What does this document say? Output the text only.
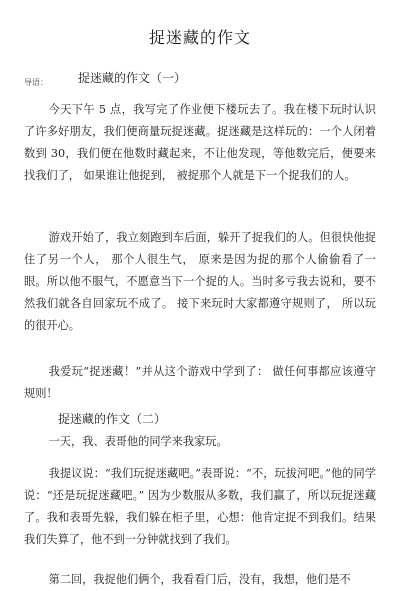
捉迷藏的作文
导语：	捉迷藏的作文（一）

今天下午 5 点，我写完了作业便下楼玩去了。我在楼下玩时认识了许多好朋友，我们便商量玩捉迷藏。捉迷藏是这样玩的：一个人闭着数到 30，我们便在他数时藏起来，不让他发现，等他数完后，便要来找我们了， 如果谁让他捉到， 被捉那个人就是下一个捉我们的人。

游戏开始了，我立刻跑到车后面，躲开了捉我们的人。但很快他捉住了另一个人， 那个人很生气， 原来是因为捉的那个人偷偷看了一眼。所以他不服气，不愿意当下一个捉的人。当时多亏我去说和，要不然我们就各自回家玩不成了。 接下来玩时大家都遵守规则了， 所以玩的很开心。

我爱玩“捉迷藏！”并从这个游戏中学到了： 做任何事都应该遵守规则！

捉迷藏的作文（二）

一天，我、表哥他的同学来我家玩。

我提议说：“我们玩捉迷藏吧。”表哥说：“不，玩拔河吧。”他的同学说：“还是玩捉迷藏吧。” 因为少数服从多数，我们赢了，所以玩捉迷藏了。我和表哥先躲，我们躲在柜子里，心想：他肯定捉不到我们。结果我们失算了，他不到一分钟就找到了我们。

第二回，我捉他们俩个，我看看门后，没有，我想，他们是不
